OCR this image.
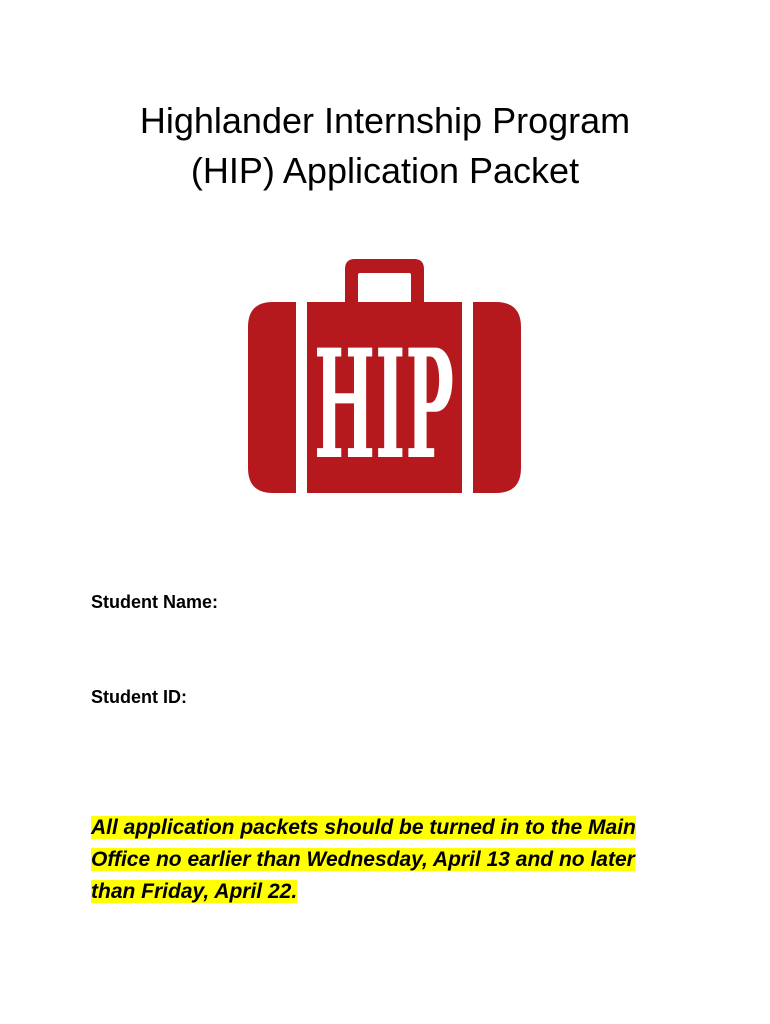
Highlander Internship Program
(HIP) Application Packet
HIP

Student Name:

Student ID:

All application packets should be turned in to the Main
Office no earlier than Wednesday, April 13 and no later
than Friday, April 22.
